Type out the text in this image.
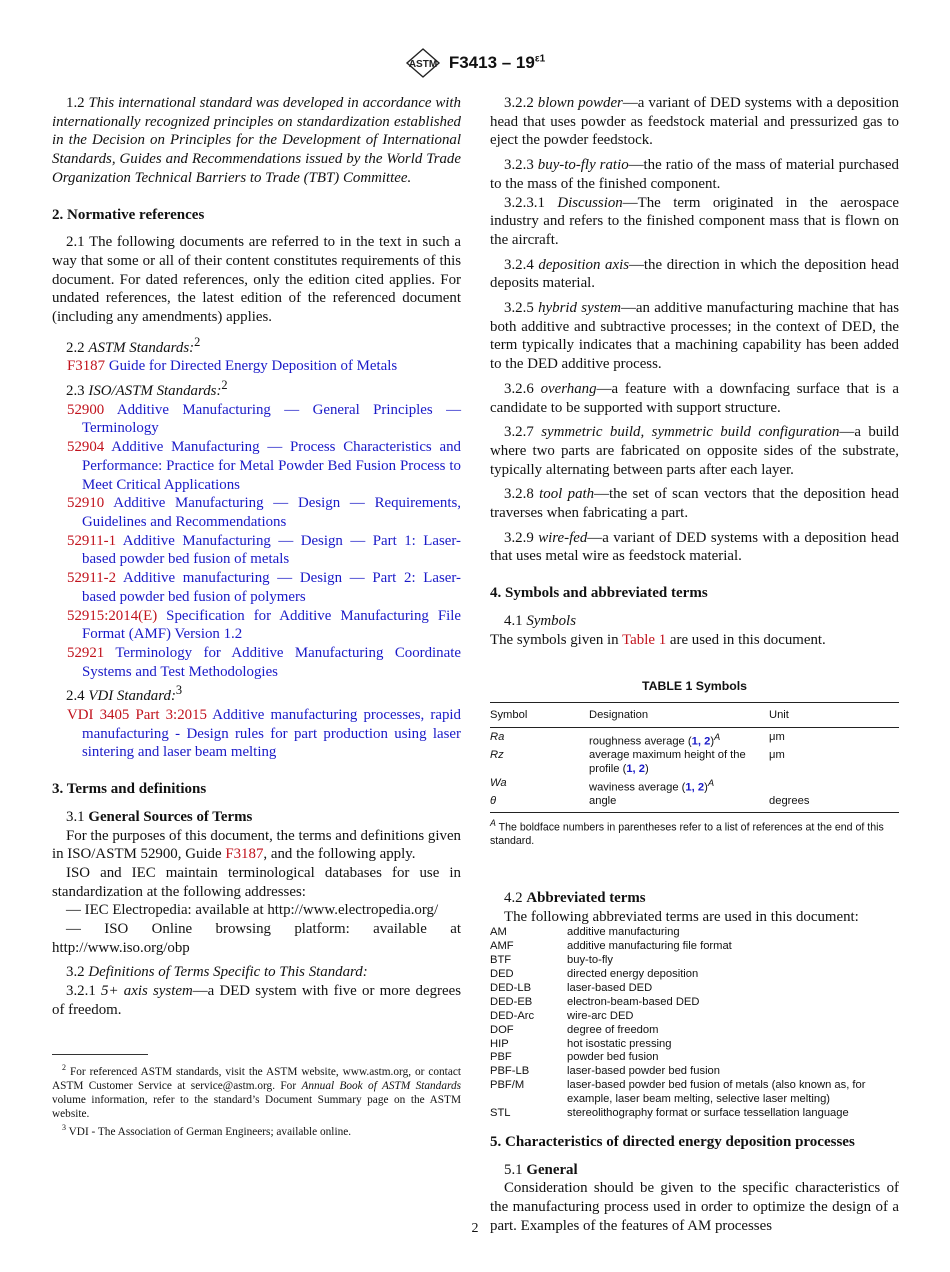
ASTM $F3413 - 19^{\varepsilon 1}$

1.2 This international standard was developed in accordance with internationally recognized principles on standardization established in the Decision on Principles for the Development of International Standards, Guides and Recommendations issued by the World Trade Organization Technical Barriers to Trade (TBT) Committee.

2. Normative references

2.1 The following documents are referred to in the text in such a way that some or all of their content constitutes requirements of this document. For dated references, only the edition cited applies. For undated references, the latest edition of the referenced document (including any amendments) applies.

2.2 ASTM Standards:$^2$

F3187 Guide for Directed Energy Deposition of Metals

2.3 ISO/ASTM Standards:$^2$

52900 Additive Manufacturing — General Principles — Terminology

52904 Additive Manufacturing — Process Characteristics and Performance: Practice for Metal Powder Bed Fusion Process to Meet Critical Applications

52910 Additive Manufacturing — Design — Requirements, Guidelines and Recommendations

52911-1 Additive Manufacturing — Design — Part 1: Laser-based powder bed fusion of metals

52911-2 Additive manufacturing — Design — Part 2: Laser-based powder bed fusion of polymers

52915:2014(E) Specification for Additive Manufacturing File Format (AMF) Version 1.2

52921 Terminology for Additive Manufacturing Coordinate Systems and Test Methodologies

2.4 VDI Standard:$^3$

VDI 3405 Part 3:2015 Additive manufacturing processes, rapid manufacturing - Design rules for part production using laser sintering and laser beam melting

3. Terms and definitions

3.1 General Sources of Terms

For the purposes of this document, the terms and definitions given in ISO/ASTM 52900, Guide F3187, and the following apply.

ISO and IEC maintain terminological databases for use in standardization at the following addresses:

— IEC Electropedia: available at http://www.electropedia.org/

— ISO Online browsing platform: available at http://www.iso.org/obp

3.2 Definitions of Terms Specific to This Standard:

3.2.1 5+ axis system—a DED system with five or more degrees of freedom.

$^2$ For referenced ASTM standards, visit the ASTM website, www.astm.org, or contact ASTM Customer Service at service@astm.org. For Annual Book of ASTM Standards volume information, refer to the standard’s Document Summary page on the ASTM website.

$^3$ VDI - The Association of German Engineers; available online.

3.2.2 blown powder—a variant of DED systems with a deposition head that uses powder as feedstock material and pressurized gas to eject the powder feedstock.

3.2.3 buy-to-fly ratio—the ratio of the mass of material purchased to the mass of the finished component.

3.2.3.1 Discussion—The term originated in the aerospace industry and refers to the finished component mass that is flown on the aircraft.

3.2.4 deposition axis—the direction in which the deposition head deposits material.

3.2.5 hybrid system—an additive manufacturing machine that has both additive and subtractive processes; in the context of DED, the term typically indicates that a machining capability has been added to the DED additive process.

3.2.6 overhang—a feature with a downfacing surface that is a candidate to be supported with support structure.

3.2.7 symmetric build, symmetric build configuration—a build where two parts are fabricated on opposite sides of the substrate, typically alternating between parts after each layer.

3.2.8 tool path—the set of scan vectors that the deposition head traverses when fabricating a part.

3.2.9 wire-fed—a variant of DED systems with a deposition head that uses metal wire as feedstock material.

4. Symbols and abbreviated terms

4.1 Symbols

The symbols given in Table 1 are used in this document.

TABLE 1 Symbols
Symbol	Designation	Unit
Ra	roughness average (1, 2)$^A$	μm
Rz	average maximum height of the profile (1, 2)	μm
Wa	waviness average (1, 2)$^A$	
θ	angle	degrees
$^A$ The boldface numbers in parentheses refer to a list of references at the end of this standard.

4.2 Abbreviated terms

The following abbreviated terms are used in this document:

AM	additive manufacturing
AMF	additive manufacturing file format
BTF	buy-to-fly
DED	directed energy deposition
DED-LB	laser-based DED
DED-EB	electron-beam-based DED
DED-Arc	wire-arc DED
DOF	degree of freedom
HIP	hot isostatic pressing
PBF	powder bed fusion
PBF-LB	laser-based powder bed fusion
PBF/M	laser-based powder bed fusion of metals (also known as, for example, laser beam melting, selective laser melting)
STL	stereolithography format or surface tessellation language
5. Characteristics of directed energy deposition processes

5.1 General

Consideration should be given to the specific characteristics of the manufacturing process used in order to optimize the design of a part. Examples of the features of AM processes

2
